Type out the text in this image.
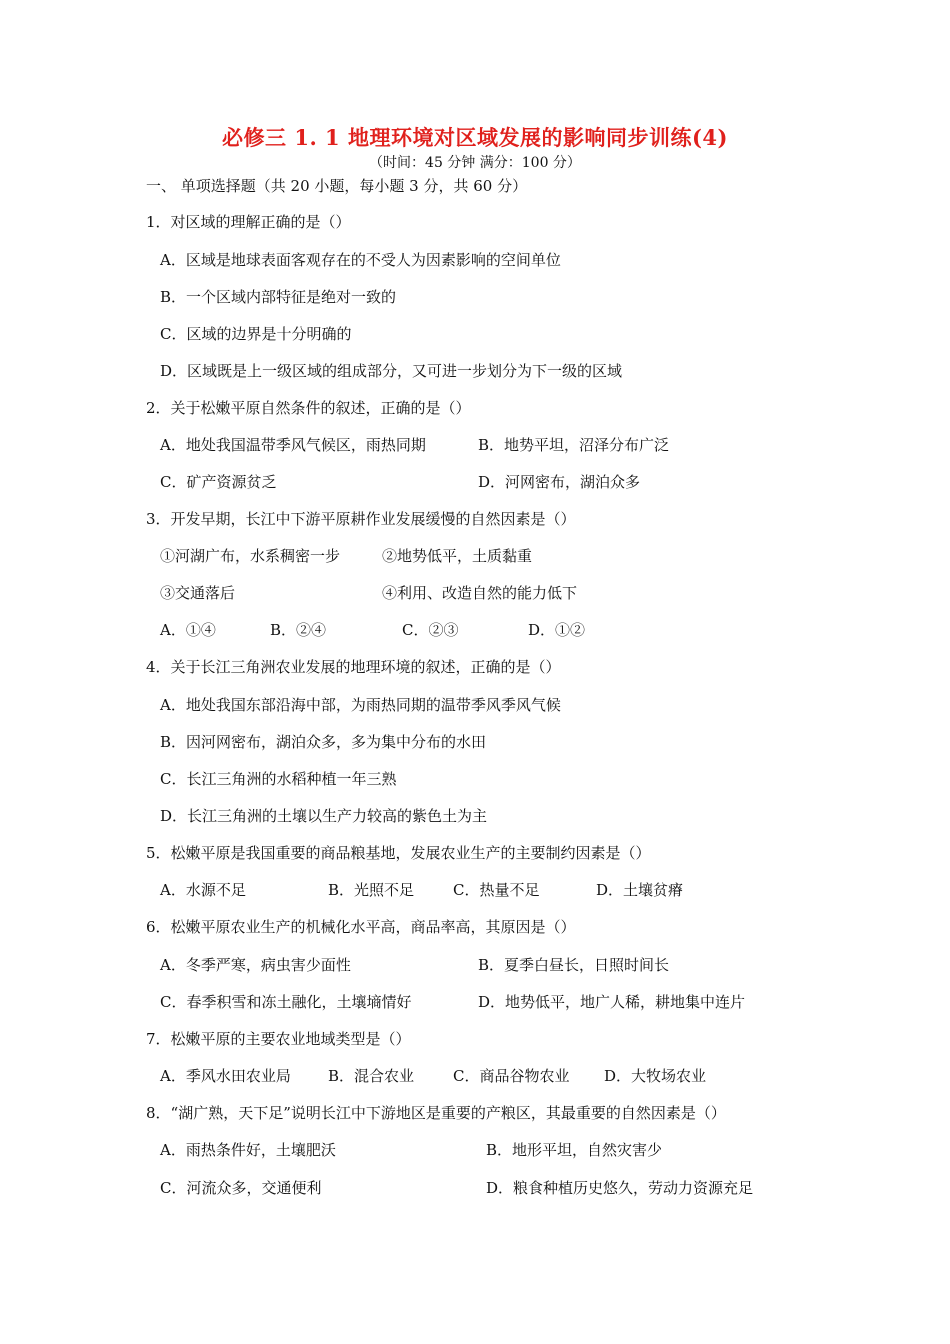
必修三 1. 1 地理环境对区域发展的影响同步训练(4)
（时间：45 分钟 满分：100 分）
一、 单项选择题（共 20 小题，每小题 3 分，共 60 分）
1．对区域的理解正确的是（）
A．区域是地球表面客观存在的不受人为因素影响的空间单位
B．一个区域内部特征是绝对一致的
C．区域的边界是十分明确的
D．区域既是上一级区域的组成部分，又可进一步划分为下一级的区域
2．关于松嫩平原自然条件的叙述，正确的是（）
A．地处我国温带季风气候区，雨热同期	B．地势平坦，沼泽分布广泛
C．矿产资源贫乏	D．河网密布，湖泊众多
3．开发早期，长江中下游平原耕作业发展缓慢的自然因素是（）
①河湖广布，水系稠密一步	②地势低平，土质黏重
③交通落后	④利用、改造自然的能力低下
A．①④	B．②④	C．②③	D．①②
4．关于长江三角洲农业发展的地理环境的叙述，正确的是（）
A．地处我国东部沿海中部，为雨热同期的温带季风季风气候
B．因河网密布，湖泊众多，多为集中分布的水田
C．长江三角洲的水稻种植一年三熟
D．长江三角洲的土壤以生产力较高的紫色土为主
5．松嫩平原是我国重要的商品粮基地，发展农业生产的主要制约因素是（）
A．水源不足	B．光照不足	C．热量不足	D．土壤贫瘠
6．松嫩平原农业生产的机械化水平高，商品率高，其原因是（）
A．冬季严寒，病虫害少面性	B．夏季白昼长，日照时间长
C．春季积雪和冻土融化，土壤墒情好	D．地势低平，地广人稀，耕地集中连片
7．松嫩平原的主要农业地域类型是（）
A．季风水田农业局 B．混合农业	C．商品谷物农业 D．大牧场农业
8．“湖广熟，天下足”说明长江中下游地区是重要的产粮区，其最重要的自然因素是（）
A．雨热条件好，土壤肥沃	B．地形平坦，自然灾害少
C．河流众多，交通便利	D．粮食种植历史悠久，劳动力资源充足
